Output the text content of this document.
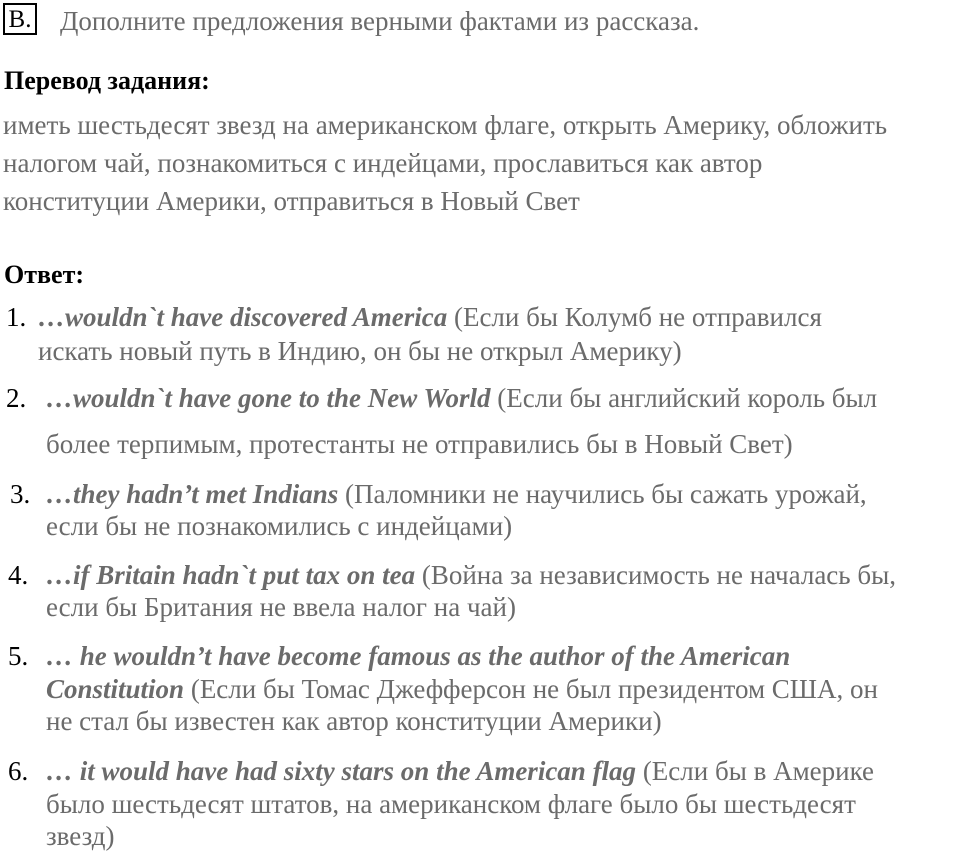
B. Дополните предложения верными фактами из рассказа.
Перевод задания:
иметь шестьдесят звезд на американском флаге, открыть Америку, обложить
налогом чай, познакомиться с индейцами, прославиться как автор
конституции Америки, отправиться в Новый Свет
Ответ:
1. …wouldn`t have discovered America (Если бы Колумб не отправился
искать новый путь в Индию, он бы не открыл Америку)
2. …wouldn`t have gone to the New World (Если бы английский король был
более терпимым, протестанты не отправились бы в Новый Свет)
3. …they hadn’t met Indians (Паломники не научились бы сажать урожай,
если бы не познакомились с индейцами)
4. …if Britain hadn`t put tax on tea (Война за независимость не началась бы,
если бы Британия не ввела налог на чай)
5. … he wouldn’t have become famous as the author of the American
Constitution (Если бы Томас Джефферсон не был президентом США, он
не стал бы известен как автор конституции Америки)
6. … it would have had sixty stars on the American flag (Если бы в Америке
было шестьдесят штатов, на американском флаге было бы шестьдесят
звезд)
